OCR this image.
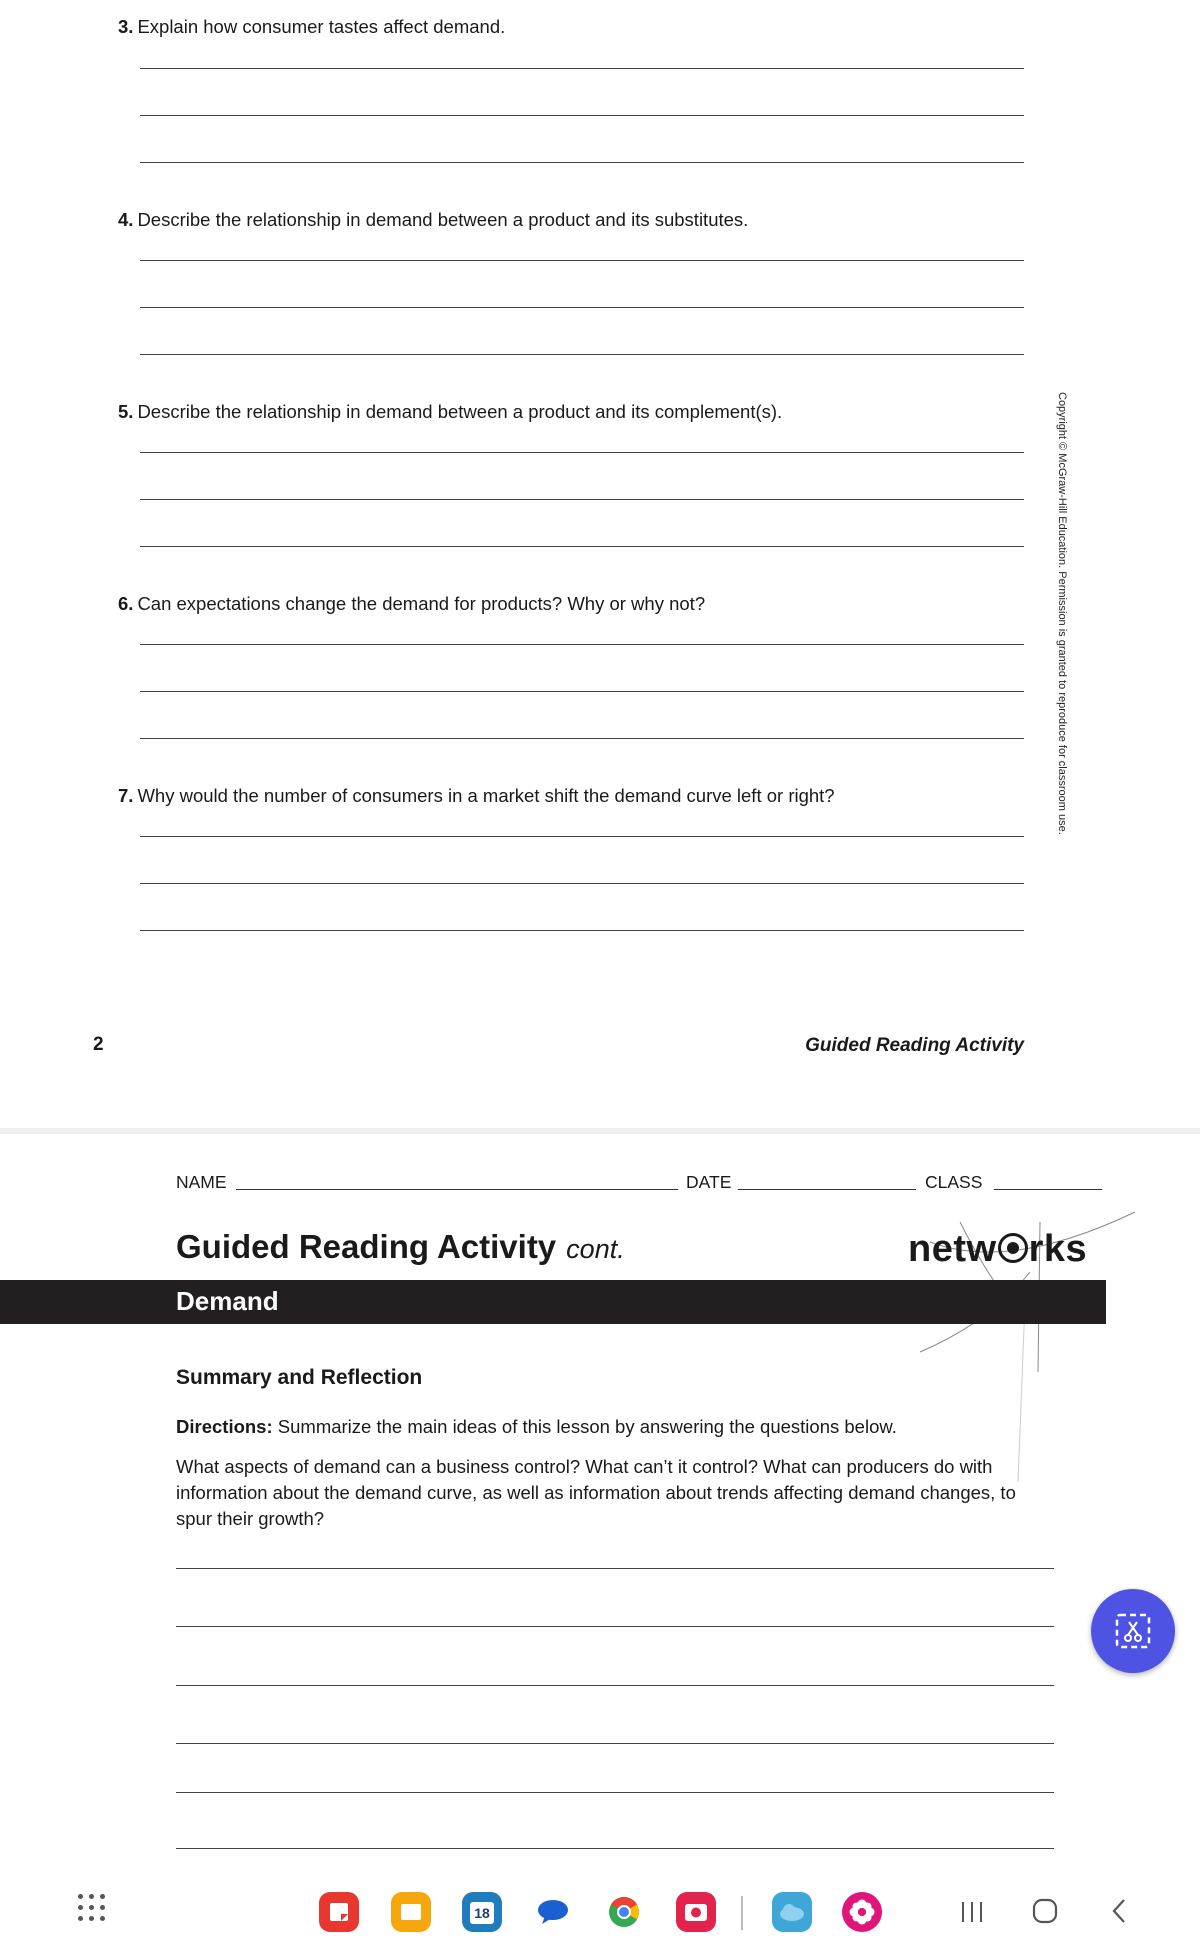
3. Explain how consumer tastes affect demand.
4. Describe the relationship in demand between a product and its substitutes.
5. Describe the relationship in demand between a product and its complement(s).
6. Can expectations change the demand for products? Why or why not?
7. Why would the number of consumers in a market shift the demand curve left or right?	Copyright © McGraw-Hill Education. Permission is granted to reproduce for classroom use.
2	Guided Reading Activity
NAME	DATE	CLASS
Guided Reading Activity cont.	netw rks
Demand
Summary and Reflection
Directions: Summarize the main ideas of this lesson by answering the questions below.
What aspects of demand can a business control? What can’t it control? What can producers do with information about the demand curve, as well as information about trends affecting demand changes, to spur their growth?
18
